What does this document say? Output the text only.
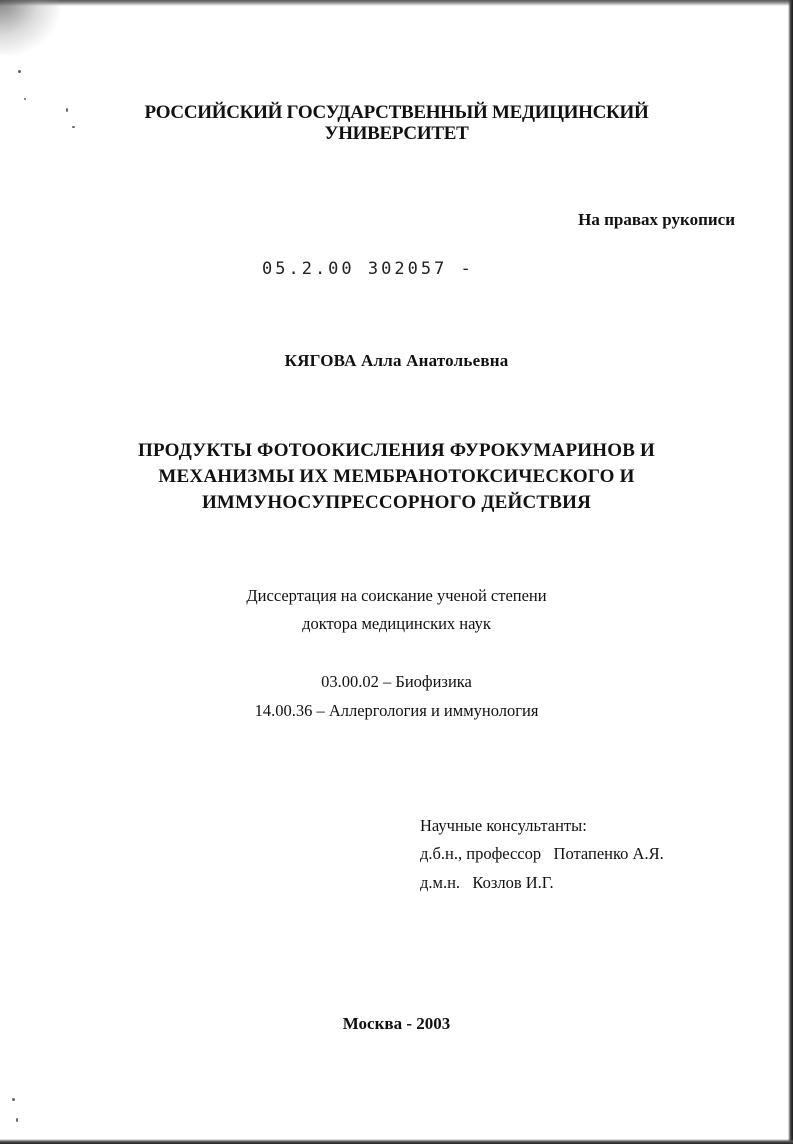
РОССИЙСКИЙ ГОСУДАРСТВЕННЫЙ МЕДИЦИНСКИЙ
УНИВЕРСИТЕТ
На правах рукописи
05.2.00 302057 -
КЯГОВА Алла Анатольевна
ПРОДУКТЫ ФОТООКИСЛЕНИЯ ФУРОКУМАРИНОВ И
МЕХАНИЗМЫ ИХ МЕМБРАНОТОКСИЧЕСКОГО И
ИММУНОСУПРЕССОРНОГО ДЕЙСТВИЯ
Диссертация на соискание ученой степени
доктора медицинских наук
03.00.02 – Биофизика
14.00.36 – Аллергология и иммунология
Научные консультанты:
д.б.н., профессор   Потапенко А.Я.
д.м.н.   Козлов И.Г.
Москва - 2003
